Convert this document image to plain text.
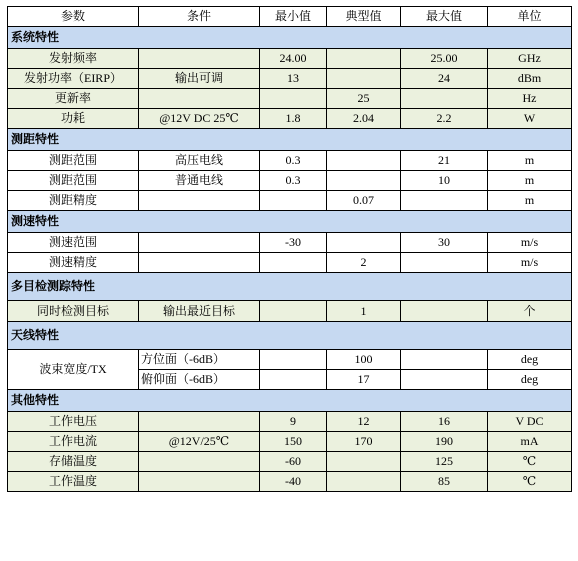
参数	条件	最小值	典型值	最大值	单位
系统特性					
发射频率		24.00		25.00	GHz
发射功率（EIRP）	输出可调	13		24	dBm
更新率			25		Hz
功耗	@12V DC 25℃	1.8	2.04	2.2	W
测距特性					
测距范围	高压电线	0.3		21	m
测距范围	普通电线	0.3		10	m
测距精度			0.07		m
测速特性					
测速范围		-30		30	m/s
测速精度			2		m/s
多目检测踪特性					
同时检测目标	输出最近目标		1		个
天线特性					
波束宽度/TX	方位面（-6dB）		100		deg
	俯仰面（-6dB）		17		deg
其他特性					
工作电压		9	12	16	V DC
工作电流	@12V/25℃	150	170	190	mA
存储温度		-60		125	℃
工作温度		-40		85	℃
